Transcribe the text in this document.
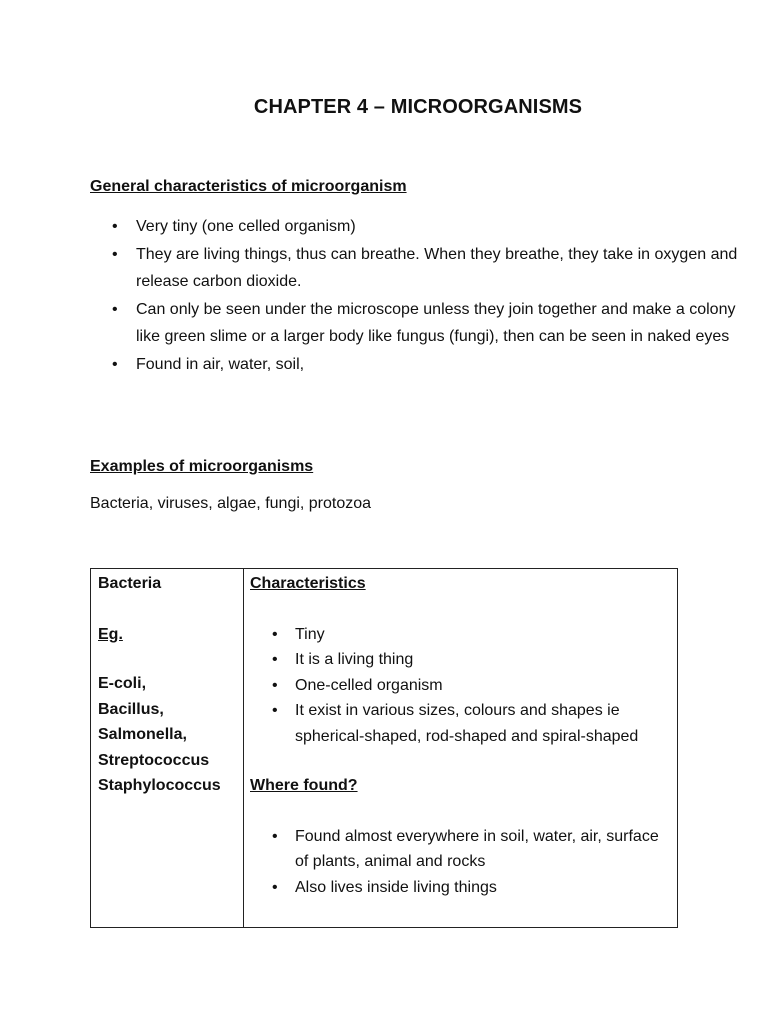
CHAPTER 4 – MICROORGANISMS
General characteristics of microorganism
• Very tiny (one celled organism)
• They are living things, thus can breathe. When they breathe, they take in oxygen and release carbon dioxide.
• Can only be seen under the microscope unless they join together and make a colony like green slime or a larger body like fungus (fungi), then can be seen in naked eyes
• Found in air, water, soil,
Examples of microorganisms

Bacteria, viruses, algae, fungi, protozoa

Bacteria

Eg.

E-coli,
Bacillus,
Salmonella,
Streptococcus
Staphylococcus

Characteristics

• Tiny
• It is a living thing
• One-celled organism
• It exist in various sizes, colours and shapes ie spherical-shaped, rod-shaped and spiral-shaped

Where found?

• Found almost everywhere in soil, water, air, surface of plants, animal and rocks
• Also lives inside living things
